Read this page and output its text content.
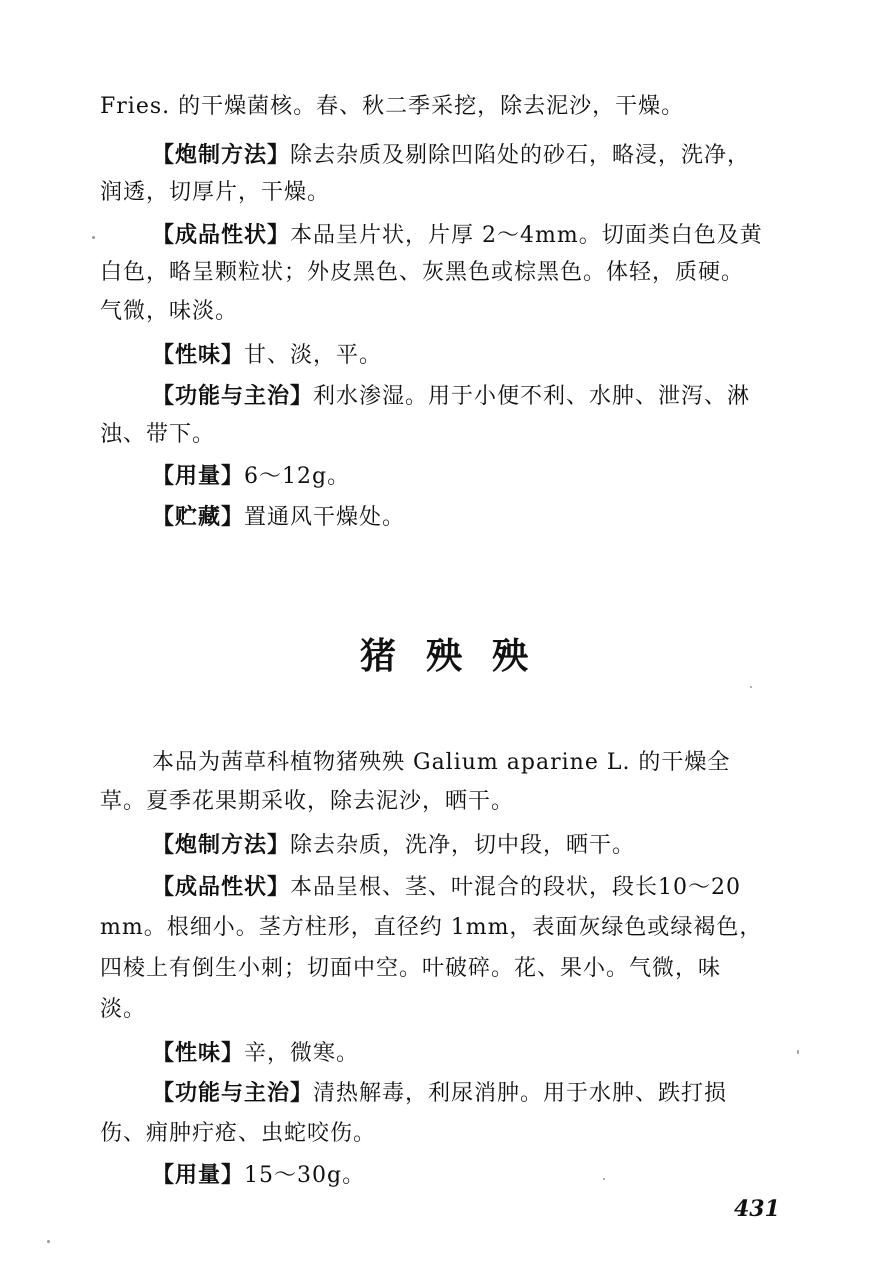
Fries. 的干燥菌核。春、秋二季采挖，除去泥沙，干燥。
【炮制方法】除去杂质及剔除凹陷处的砂石，略浸，洗净，
润透，切厚片，干燥。
【成品性状】本品呈片状，片厚 2～4mm。切面类白色及黄
白色，略呈颗粒状；外皮黑色、灰黑色或棕黑色。体轻，质硬。
气微，味淡。
【性味】甘、淡，平。
【功能与主治】利水渗湿。用于小便不利、水肿、泄泻、淋
浊、带下。
【用量】6～12g。
【贮藏】置通风干燥处。
猪殃殃
本品为茜草科植物猪殃殃 Galium aparine L. 的干燥全
草。夏季花果期采收，除去泥沙，晒干。
【炮制方法】除去杂质，洗净，切中段，晒干。
【成品性状】本品呈根、茎、叶混合的段状，段长10～20
mm。根细小。茎方柱形，直径约 1mm，表面灰绿色或绿褐色，
四棱上有倒生小刺；切面中空。叶破碎。花、果小。气微，味
淡。
【性味】辛，微寒。
【功能与主治】清热解毒，利尿消肿。用于水肿、跌打损
伤、痈肿疔疮、虫蛇咬伤。
【用量】15～30g。
431
